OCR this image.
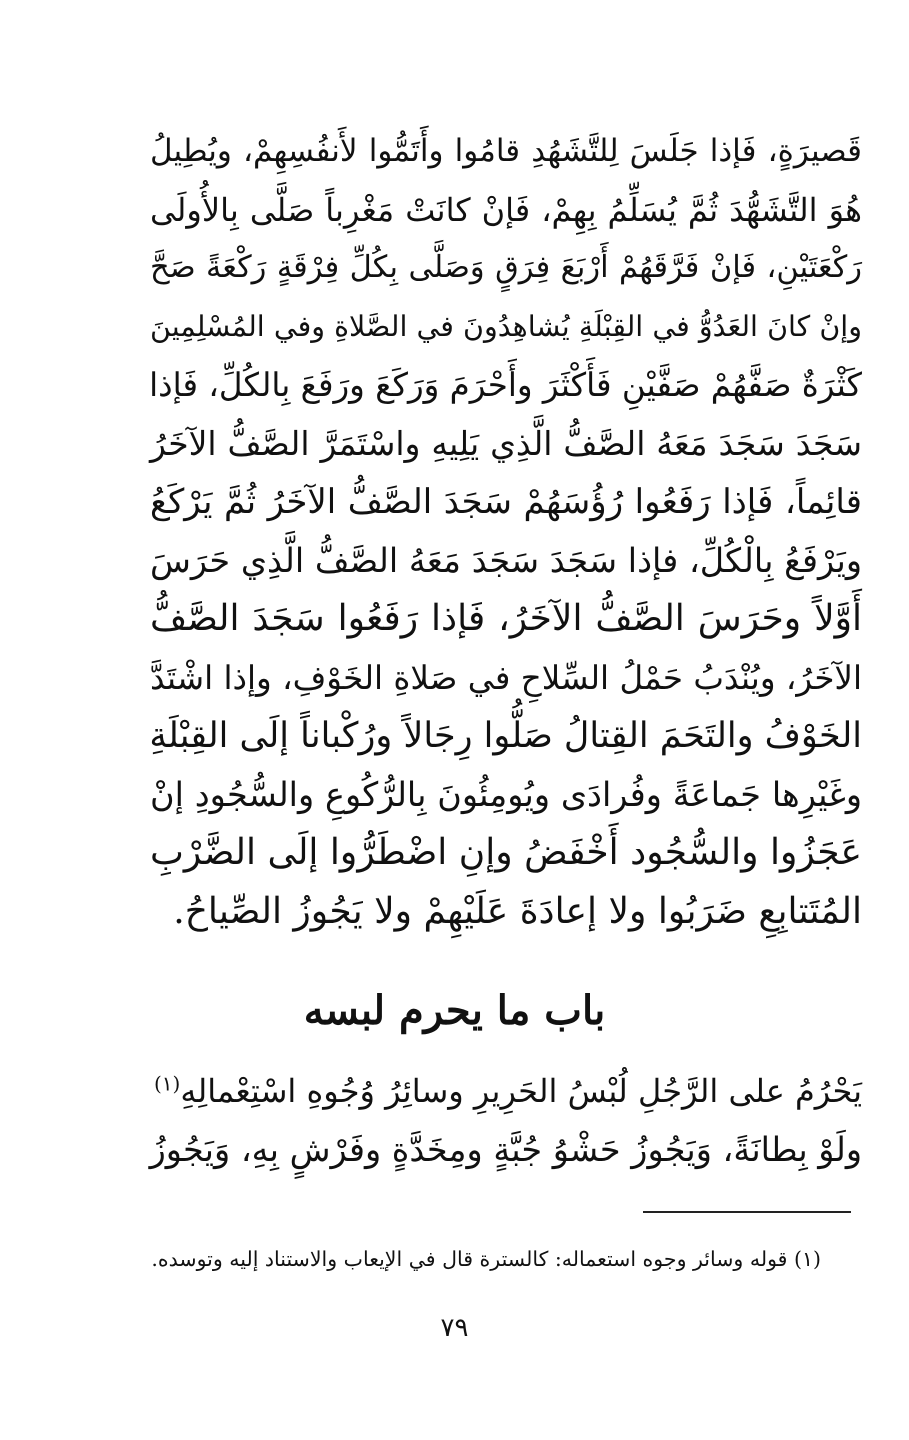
قَصيرَةٍ، فَإذا جَلَسَ لِلتَّشَهُدِ قامُوا وأَتَمُّوا لأَنفُسِهِمْ، ويُطِيلُ
هُوَ التَّشَهُّدَ ثُمَّ يُسَلِّمُ بِهِمْ، فَإنْ كانَتْ مَغْرِباً صَلَّى بِالأُولَى
رَكْعَتَيْنِ، فَإنْ فَرَّقَهُمْ أَرْبَعَ فِرَقٍ وَصَلَّى بِكُلِّ فِرْقَةٍ رَكْعَةً صَحَّ
وإنْ كانَ العَدُوُّ في القِبْلَةِ يُشاهِدُونَ في الصَّلاةِ وفي المُسْلِمِينَ
كَثْرَةٌ صَفَّهُمْ صَفَّيْنِ فَأَكْثَرَ وأَحْرَمَ وَرَكَعَ ورَفَعَ بِالكُلِّ، فَإذا
سَجَدَ سَجَدَ مَعَهُ الصَّفُّ الَّذِي يَلِيهِ واسْتَمَرَّ الصَّفُّ الآخَرُ
قائِماً، فَإذا رَفَعُوا رُؤُسَهُمْ سَجَدَ الصَّفُّ الآخَرُ ثُمَّ يَرْكَعُ
ويَرْفَعُ بِالْكُلِّ، فإذا سَجَدَ سَجَدَ مَعَهُ الصَّفُّ الَّذِي حَرَسَ
أَوَّلاً وحَرَسَ الصَّفُّ الآخَرُ، فَإذا رَفَعُوا سَجَدَ الصَّفُّ
الآخَرُ، ويُنْدَبُ حَمْلُ السِّلاحِ في صَلاةِ الخَوْفِ، وإذا اشْتَدَّ
الخَوْفُ والتَحَمَ القِتالُ صَلُّوا رِجَالاً ورُكْباناً إلَى القِبْلَةِ
وغَيْرِها جَماعَةً وفُرادَى ويُومِئُونَ بِالرُّكُوعِ والسُّجُودِ إنْ
عَجَزُوا والسُّجُود أَخْفَضُ وإنِ اضْطَرُّوا إلَى الضَّرْبِ
المُتَتابِعِ ضَرَبُوا ولا إعادَةَ عَلَيْهِمْ ولا يَجُوزُ الصِّياحُ.
باب ما يحرم لبسه
يَحْرُمُ على الرَّجُلِ لُبْسُ الحَرِيرِ وسائِرُ وُجُوهِ اسْتِعْمالِهِ$^{(١)}$
ولَوْ بِطانَةً، وَيَجُوزُ حَشْوُ جُبَّةٍ ومِخَدَّةٍ وفَرْشٍ بِهِ، وَيَجُوزُ
(١) قوله وسائر وجوه استعماله: كالسترة قال في الإيعاب والاستناد إليه وتوسده.
٧٩
